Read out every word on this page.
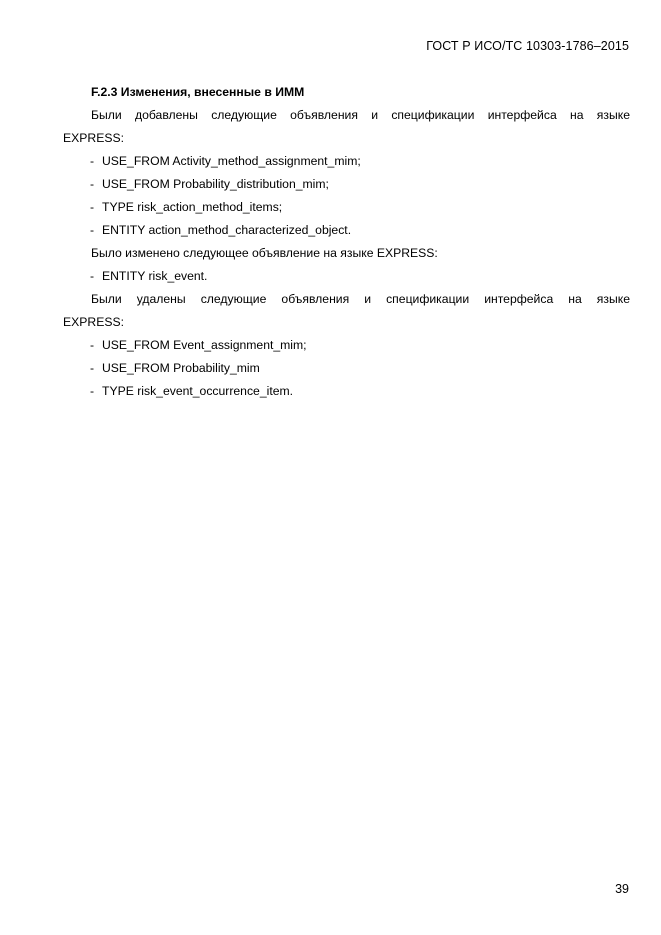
ГОСТ Р ИСО/ТС 10303-1786–2015

F.2.3 Изменения, внесенные в ИММ

Были добавлены следующие объявления и спецификации интерфейса на языке
EXPRESS:

- USE_FROM Activity_method_assignment_mim;
- USE_FROM Probability_distribution_mim;
- TYPE risk_action_method_items;
- ENTITY action_method_characterized_object.

Было изменено следующее объявление на языке EXPRESS:

- ENTITY risk_event.

Были удалены следующие объявления и спецификации интерфейса на языке
EXPRESS:

- USE_FROM Event_assignment_mim;
- USE_FROM Probability_mim
- TYPE risk_event_occurrence_item.
39
